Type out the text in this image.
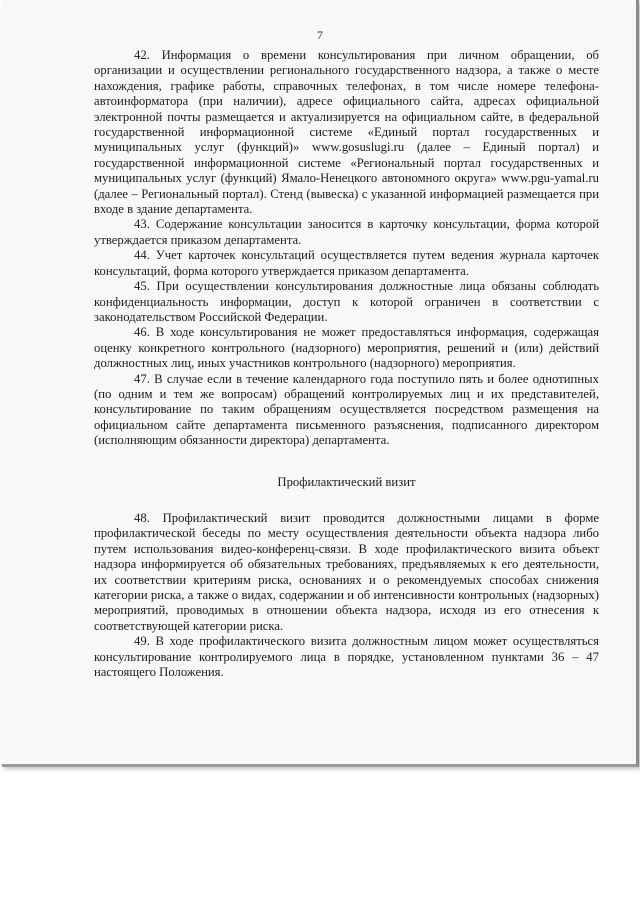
7

42. Информация о времени консультирования при личном обращении, об организации и осуществлении регионального государственного надзора, а также о месте нахождения, графике работы, справочных телефонах, в том числе номере телефона-автоинформатора (при наличии), адресе официального сайта, адресах официальной электронной почты размещается и актуализируется на официальном сайте, в федеральной государственной информационной системе «Единый портал государственных и муниципальных услуг (функций)» www.gosuslugi.ru (далее – Единый портал) и государственной информационной системе «Региональный портал государственных и муниципальных услуг (функций) Ямало-Ненецкого автономного округа» www.pgu-yamal.ru (далее – Региональный портал). Стенд (вывеска) с указанной информацией размещается при входе в здание департамента.

43. Содержание консультации заносится в карточку консультации, форма которой утверждается приказом департамента.

44. Учет карточек консультаций осуществляется путем ведения журнала карточек консультаций, форма которого утверждается приказом департамента.

45. При осуществлении консультирования должностные лица обязаны соблюдать конфиденциальность информации, доступ к которой ограничен в соответствии с законодательством Российской Федерации.

46. В ходе консультирования не может предоставляться информация, содержащая оценку конкретного контрольного (надзорного) мероприятия, решений и (или) действий должностных лиц, иных участников контрольного (надзорного) мероприятия.

47. В случае если в течение календарного года поступило пять и более однотипных (по одним и тем же вопросам) обращений контролируемых лиц и их представителей, консультирование по таким обращениям осуществляется посредством размещения на официальном сайте департамента письменного разъяснения, подписанного директором (исполняющим обязанности директора) департамента.

Профилактический визит

48. Профилактический визит проводится должностными лицами в форме профилактической беседы по месту осуществления деятельности объекта надзора либо путем использования видео-конференц-связи. В ходе профилактического визита объект надзора информируется об обязательных требованиях, предъявляемых к его деятельности, их соответствии критериям риска, основаниях и о рекомендуемых способах снижения категории риска, а также о видах, содержании и об интенсивности контрольных (надзорных) мероприятий, проводимых в отношении объекта надзора, исходя из его отнесения к соответствующей категории риска.

49. В ходе профилактического визита должностным лицом может осуществляться консультирование контролируемого лица в порядке, установленном пунктами 36 – 47 настоящего Положения.
